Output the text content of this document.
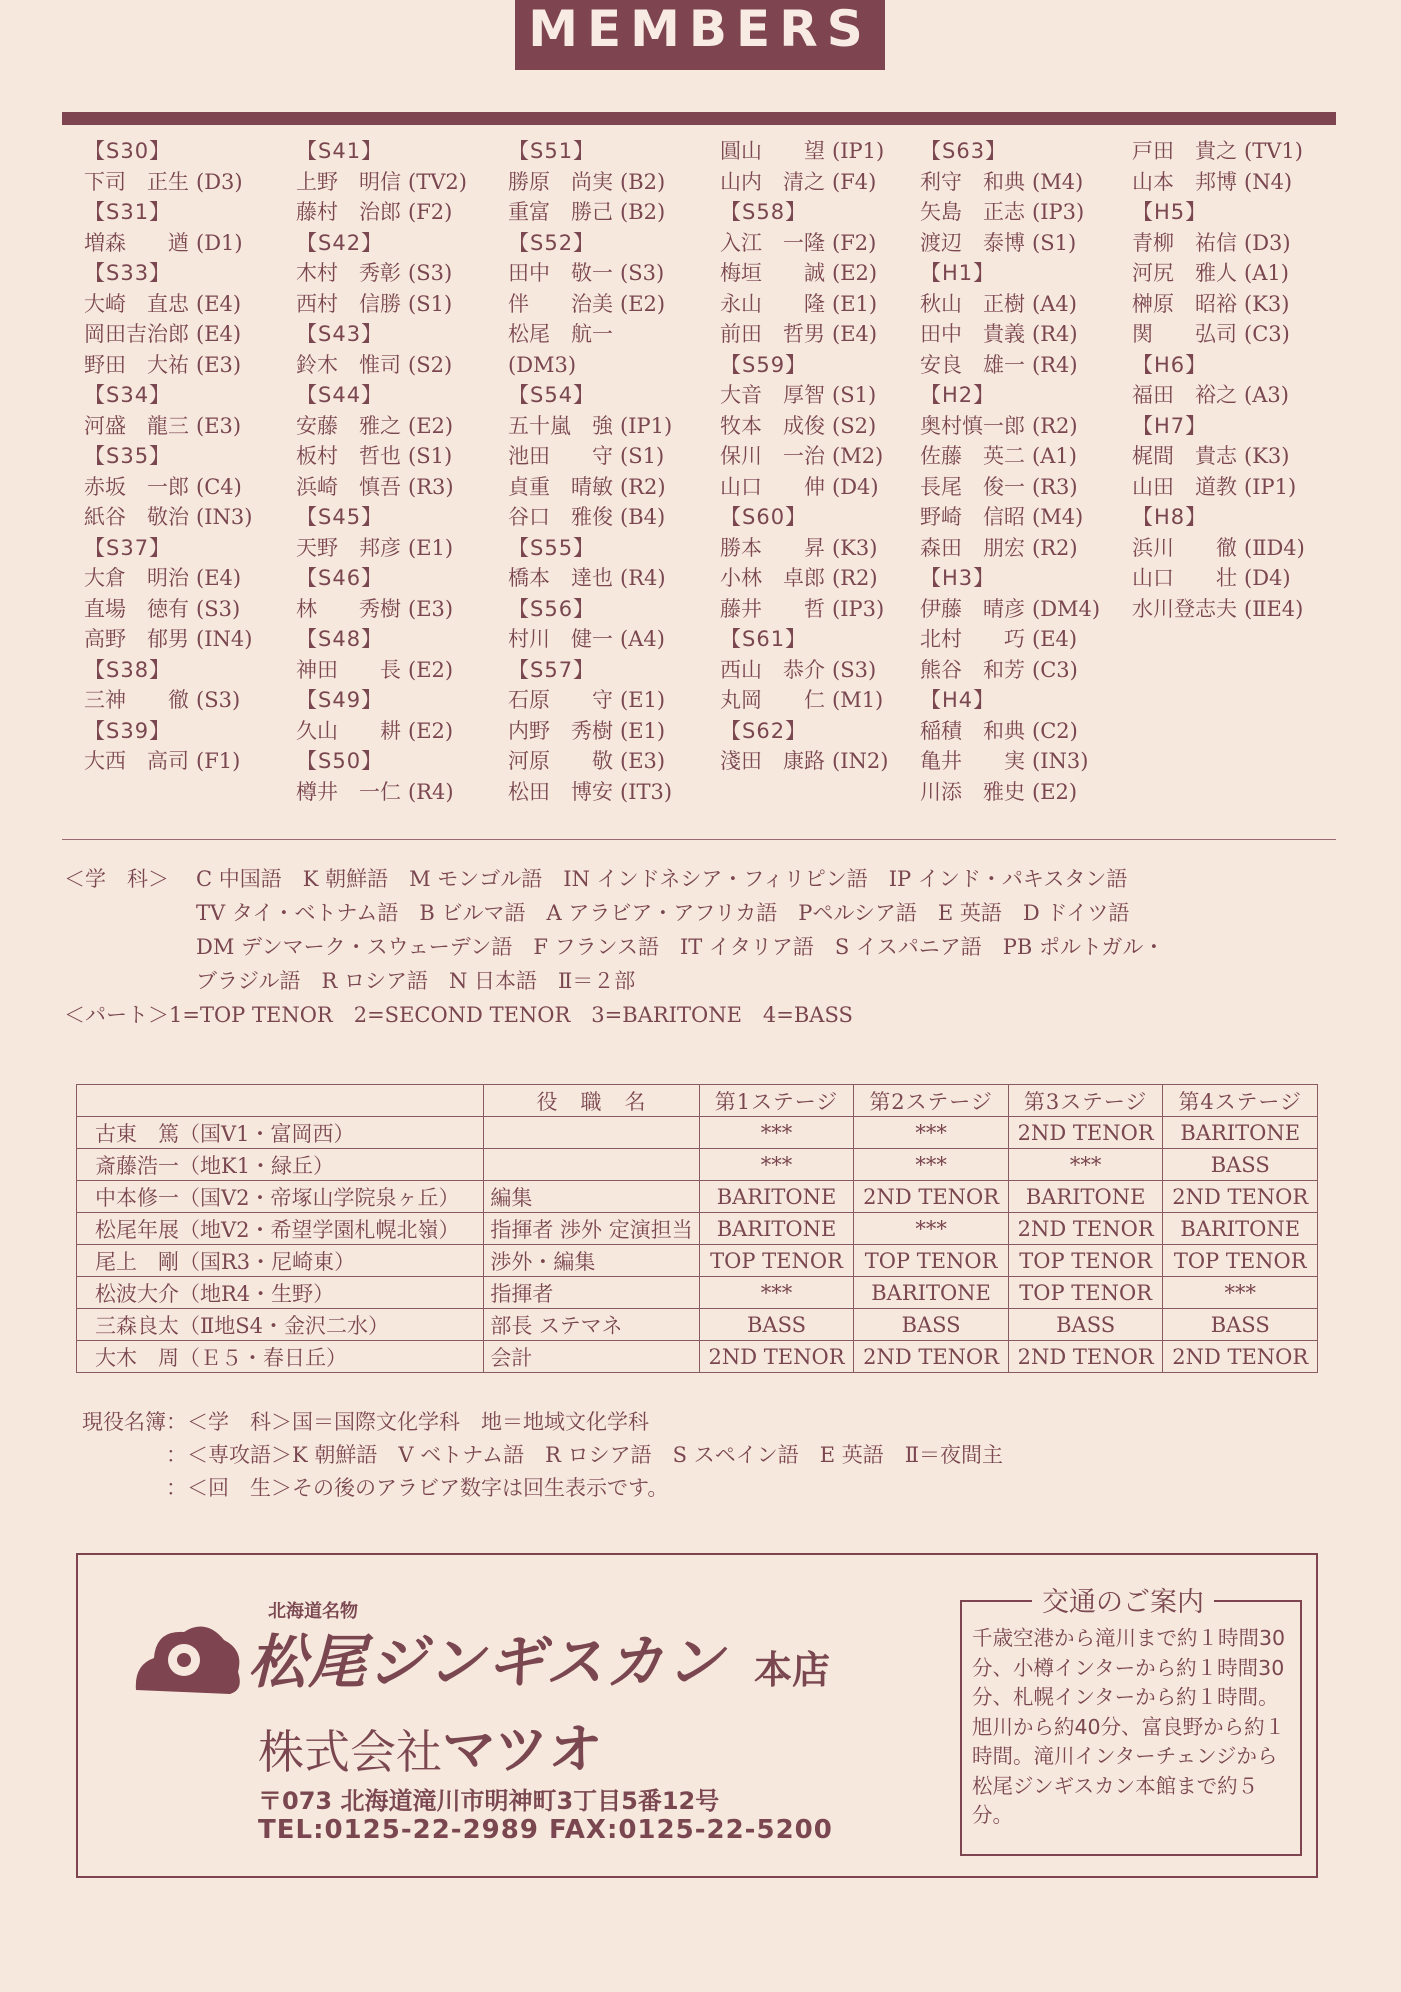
MEMBERS
【S30】
下司　正生 (D3)
【S31】
増森　　遒 (D1)
【S33】
大崎　直忠 (E4)
岡田吉治郎 (E4)
野田　大祐 (E3)
【S34】
河盛　龍三 (E3)
【S35】
赤坂　一郎 (C4)
紙谷　敬治 (IN3)
【S37】
大倉　明治 (E4)
直場　徳有 (S3)
高野　郁男 (IN4)
【S38】
三神　　徹 (S3)
【S39】
大西　高司 (F1)
【S41】
上野　明信 (TV2)
藤村　治郎 (F2)
【S42】
木村　秀彰 (S3)
西村　信勝 (S1)
【S43】
鈴木　惟司 (S2)
【S44】
安藤　雅之 (E2)
板村　哲也 (S1)
浜崎　慎吾 (R3)
【S45】
天野　邦彦 (E1)
【S46】
林　　秀樹 (E3)
【S48】
神田　　長 (E2)
【S49】
久山　　耕 (E2)
【S50】
樽井　一仁 (R4)
【S51】
勝原　尚実 (B2)
重富　勝己 (B2)
【S52】
田中　敬一 (S3)
伴　　治美 (E2)
松尾　航一
(DM3)
【S54】
五十嵐　強 (IP1)
池田　　守 (S1)
貞重　晴敏 (R2)
谷口　雅俊 (B4)
【S55】
橋本　達也 (R4)
【S56】
村川　健一 (A4)
【S57】
石原　　守 (E1)
内野　秀樹 (E1)
河原　　敬 (E3)
松田　博安 (IT3)
圓山　　望 (IP1)
山内　清之 (F4)
【S58】
入江　一隆 (F2)
梅垣　　誠 (E2)
永山　　隆 (E1)
前田　哲男 (E4)
【S59】
大音　厚智 (S1)
牧本　成俊 (S2)
保川　一治 (M2)
山口　　伸 (D4)
【S60】
勝本　　昇 (K3)
小林　卓郎 (R2)
藤井　　哲 (IP3)
【S61】
西山　恭介 (S3)
丸岡　　仁 (M1)
【S62】
淺田　康路 (IN2)
【S63】
利守　和典 (M4)
矢島　正志 (IP3)
渡辺　泰博 (S1)
【H1】
秋山　正樹 (A4)
田中　貴義 (R4)
安良　雄一 (R4)
【H2】
奥村慎一郎 (R2)
佐藤　英二 (A1)
長尾　俊一 (R3)
野崎　信昭 (M4)
森田　朋宏 (R2)
【H3】
伊藤　晴彦 (DM4)
北村　　巧 (E4)
熊谷　和芳 (C3)
【H4】
稲積　和典 (C2)
亀井　　実 (IN3)
川添　雅史 (E2)
戸田　貴之 (TV1)
山本　邦博 (N4)
【H5】
青柳　祐信 (D3)
河尻　雅人 (A1)
榊原　昭裕 (K3)
関　　弘司 (C3)
【H6】
福田　裕之 (A3)
【H7】
梶間　貴志 (K3)
山田　道教 (IP1)
【H8】
浜川　　徹 (ⅡD4)
山口　　壮 (D4)
水川登志夫 (ⅡE4)
＜学　科＞ C 中国語　K 朝鮮語　M モンゴル語　IN インドネシア・フィリピン語　IP インド・パキスタン語
TV タイ・ベトナム語　B ビルマ語　A アラビア・アフリカ語　Pペルシア語　E 英語　D ドイツ語
DM デンマーク・スウェーデン語　F フランス語　IT イタリア語　S イスパニア語　PB ポルトガル・
ブラジル語　R ロシア語　N 日本語　Ⅱ＝２部
＜パート＞1=TOP TENOR　2=SECOND TENOR　3=BARITONE　4=BASS
	役　職　名	第1ステージ	第2ステージ	第3ステージ	第4ステージ
古東　篤（国V1・富岡西）		***	***	2ND TENOR	BARITONE
斎藤浩一（地K1・緑丘）		***	***	***	BASS
中本修一（国V2・帝塚山学院泉ヶ丘）	編集	BARITONE	2ND TENOR	BARITONE	2ND TENOR
松尾年展（地V2・希望学園札幌北嶺）	指揮者 渉外 定演担当	BARITONE	***	2ND TENOR	BARITONE
尾上　剛（国R3・尼崎東）	渉外・編集	TOP TENOR	TOP TENOR	TOP TENOR	TOP TENOR
松波大介（地R4・生野）	指揮者	***	BARITONE	TOP TENOR	***
三森良太（Ⅱ地S4・金沢二水）	部長 ステマネ	BASS	BASS	BASS	BASS
大木　周（Ｅ５・春日丘）	会計	2ND TENOR	2ND TENOR	2ND TENOR	2ND TENOR
現役名簿：＜学　科＞国＝国際文化学科　地＝地域文化学科
　　　　：＜専攻語＞K 朝鮮語　V ベトナム語　R ロシア語　S スペイン語　E 英語　Ⅱ＝夜間主
　　　　：＜回　生＞その後のアラビア数字は回生表示です。
北海道名物
松尾ジンギスカン 本店
株式会社マツオ
〒073 北海道滝川市明神町3丁目5番12号
TEL:0125-22-2989 FAX:0125-22-5200
交通のご案内
千歳空港から滝川まで約１時間30分、小樽インターから約１時間30分、札幌インターから約１時間。旭川から約40分、富良野から約１時間。滝川インターチェンジから松尾ジンギスカン本館まで約５分。
